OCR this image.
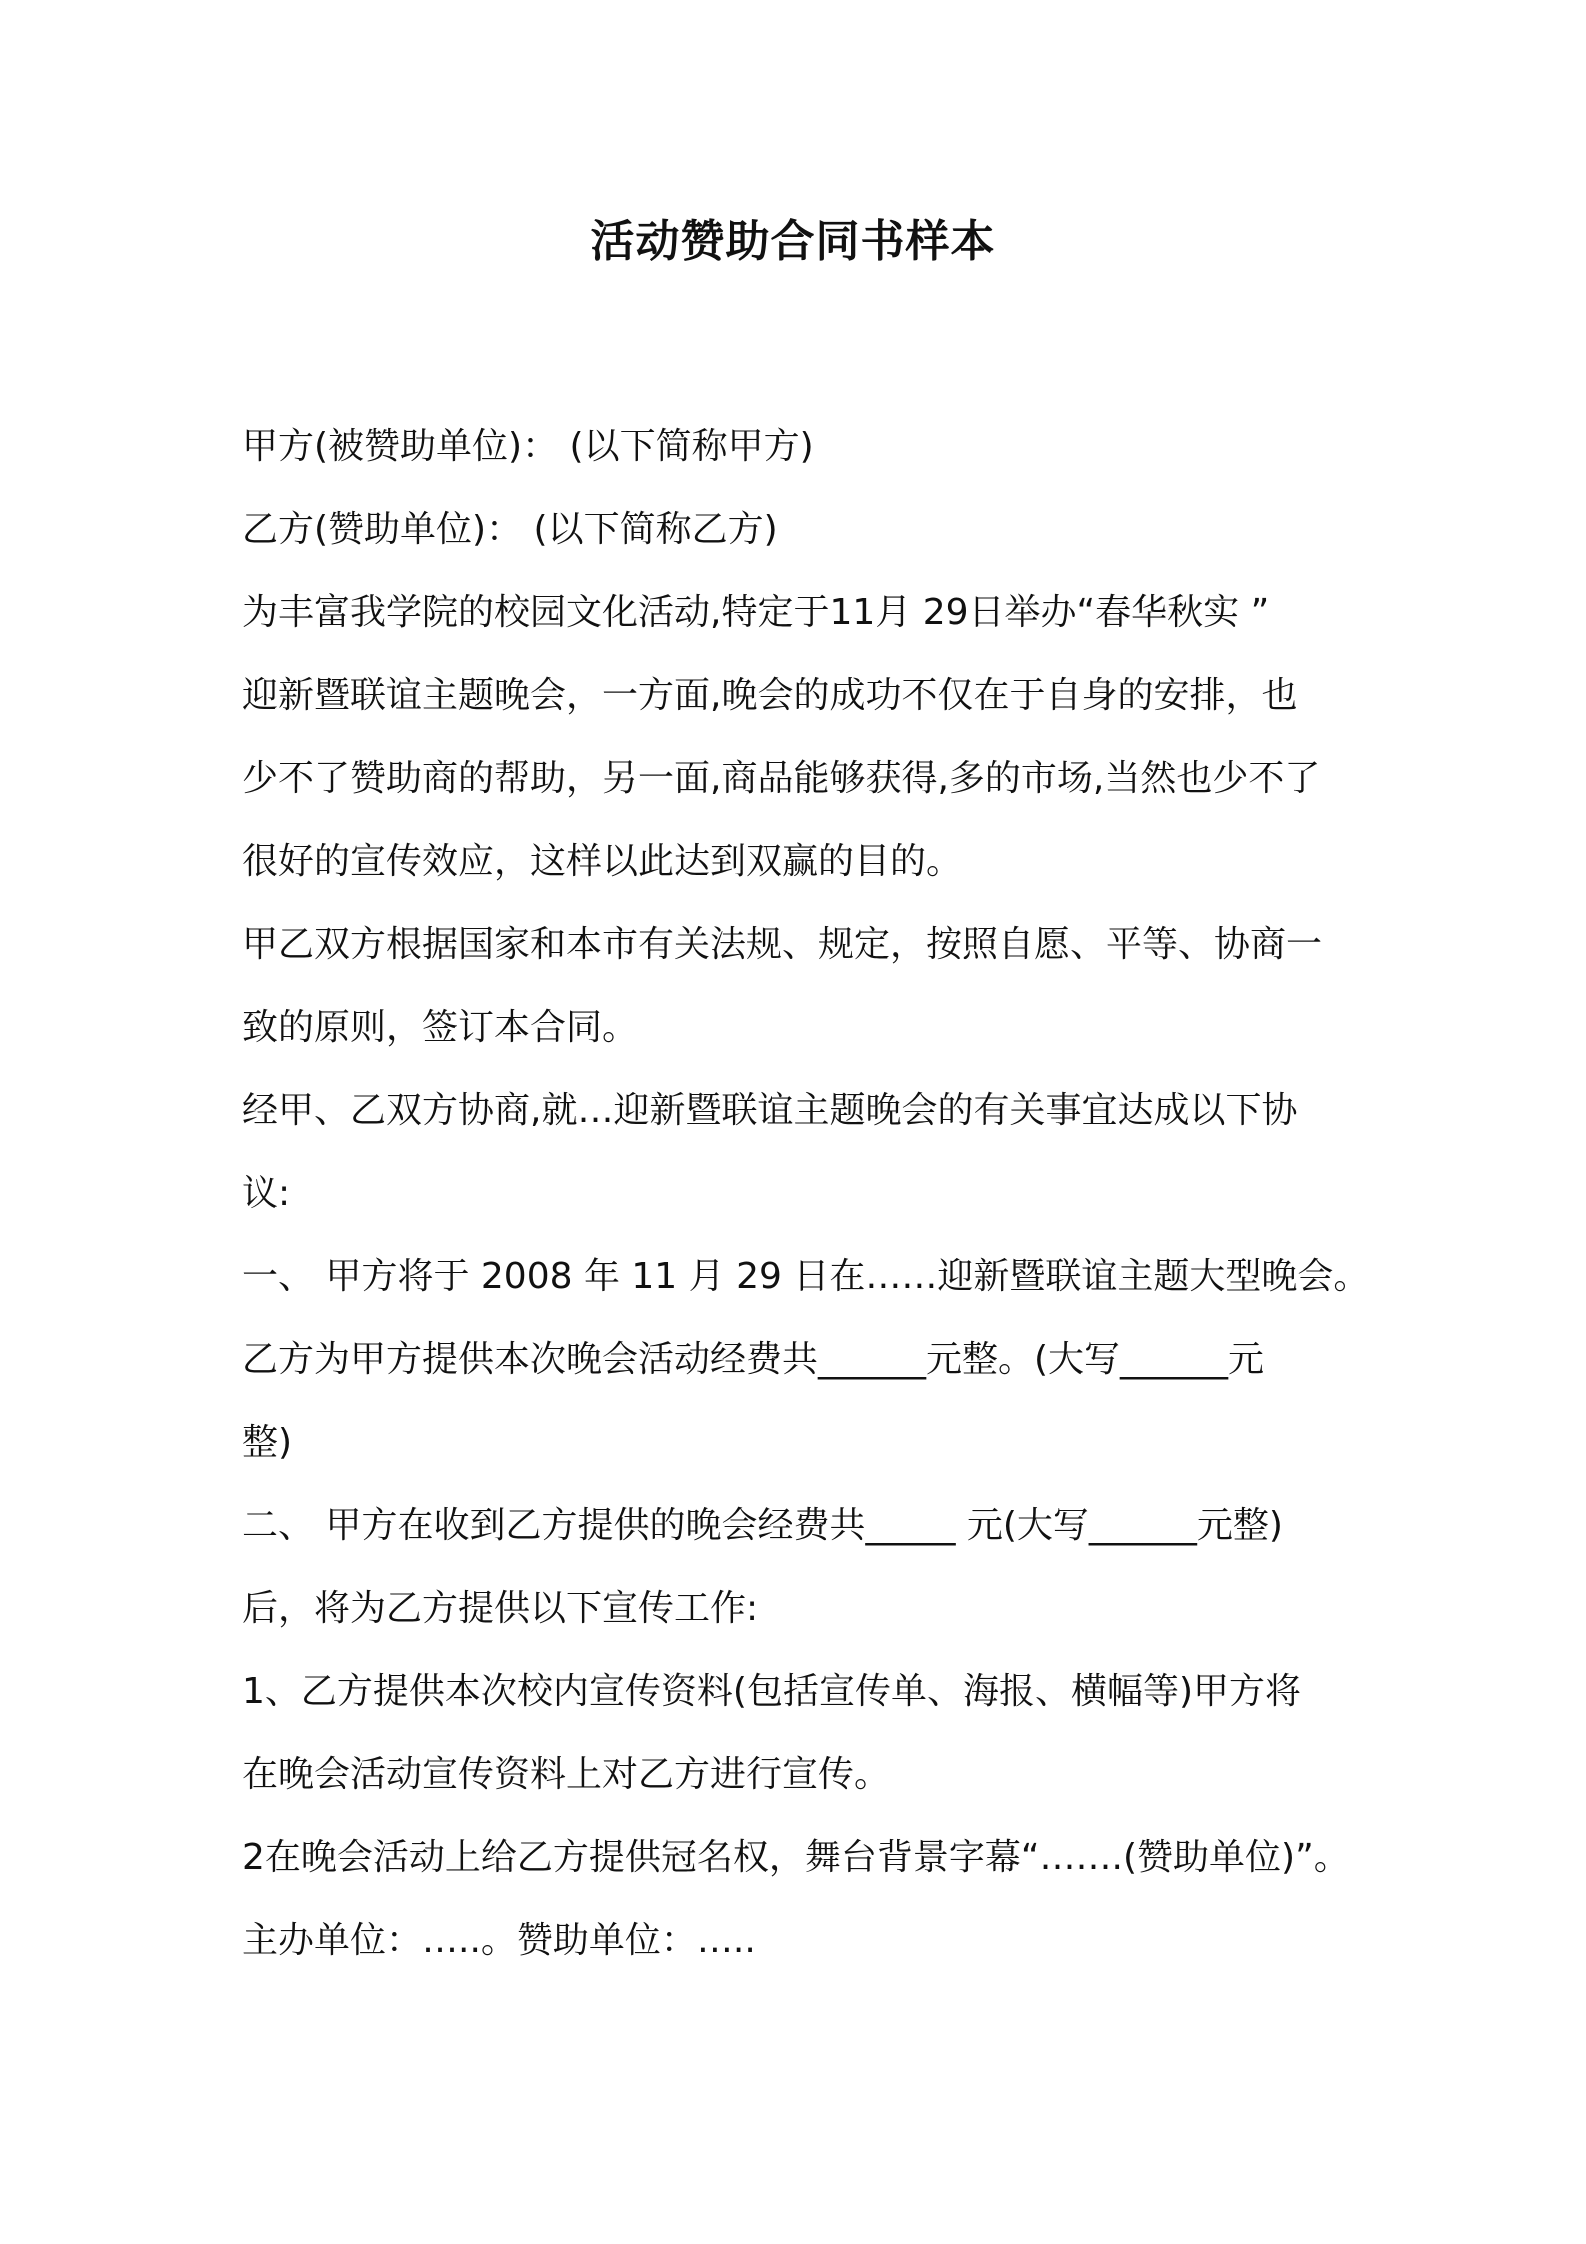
活动赞助合同书样本
甲方(被赞助单位)： (以下简称甲方)
乙方(赞助单位)： (以下简称乙方)
为丰富我学院的校园文化活动,特定于11月 29日举办“春华秋实 ”
迎新暨联谊主题晚会，一方面,晚会的成功不仅在于自身的安排，也
少不了赞助商的帮助，另一面,商品能够获得,多的市场,当然也少不了
很好的宣传效应，这样以此达到双赢的目的。
甲乙双方根据国家和本市有关法规、规定，按照自愿、平等、协商一
致的原则，签订本合同。
经甲、乙双方协商,就…迎新暨联谊主题晚会的有关事宜达成以下协
议:
一、 甲方将于 2008 年 11 月 29 日在……迎新暨联谊主题大型晚会。
乙方为甲方提供本次晚会活动经费共______元整。(大写______元
整)
二、 甲方在收到乙方提供的晚会经费共_____ 元(大写______元整)
后，将为乙方提供以下宣传工作:
1、乙方提供本次校内宣传资料(包括宣传单、海报、横幅等)甲方将
在晚会活动宣传资料上对乙方进行宣传。
2在晚会活动上给乙方提供冠名权，舞台背景字幕“…….(赞助单位)”。
主办单位：…..。赞助单位：…..
